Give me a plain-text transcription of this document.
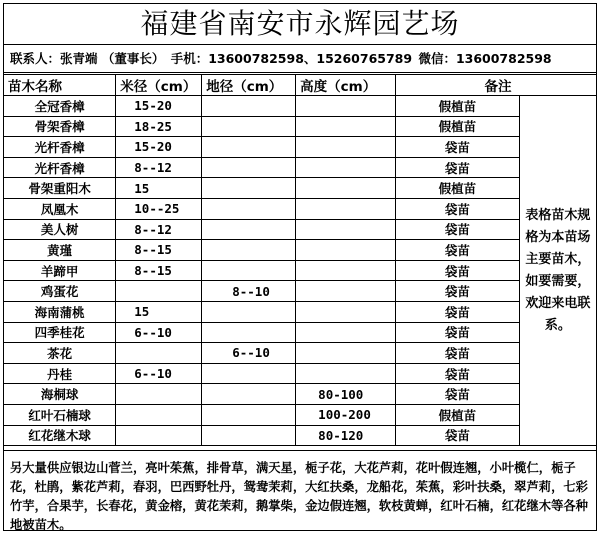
福建省南安市永辉园艺场
联系人：张青端 （董事长） 手机：13600782598、15260765789 微信：13600782598
苗木名称	米径（cm）	地径（cm）	高度（cm）	备注	
全冠香樟	15-20			假植苗	表格苗木规格为本苗场主要苗木，如要需要，欢迎来电联系。
骨架香樟	18-25			假植苗	
光杆香樟	15-20			袋苗	
光杆香樟	8--12			袋苗	
骨架重阳木	15			假植苗	
凤凰木	10--25			袋苗	
美人树	8--12			袋苗	
黄瑾	8--15			袋苗	
羊蹄甲	8--15			袋苗	
鸡蛋花		8--10		袋苗	
海南蒲桃	15			袋苗	
四季桂花	6--10			袋苗	
茶花		6--10		袋苗	
丹桂	6--10			袋苗	
海桐球			80-100	袋苗	
红叶石楠球			100-200	假植苗	
红花继木球			80-120	袋苗	
另大量供应银边山菅兰，亮叶茱蕉，排骨草，满天星，栀子花，大花芦莉，花叶假连翘，小叶榄仁，栀子花，杜鹃，紫花芦莉，春羽，巴西野牡丹，鸳鸯茉莉，大红扶桑，龙船花，茱蕉，彩叶扶桑，翠芦莉，七彩竹芋，合果芋，长春花，黄金榕，黄花茉莉，鹅掌柴，金边假连翘，软枝黄蝉，红叶石楠，红花继木等各种地被苗木。
